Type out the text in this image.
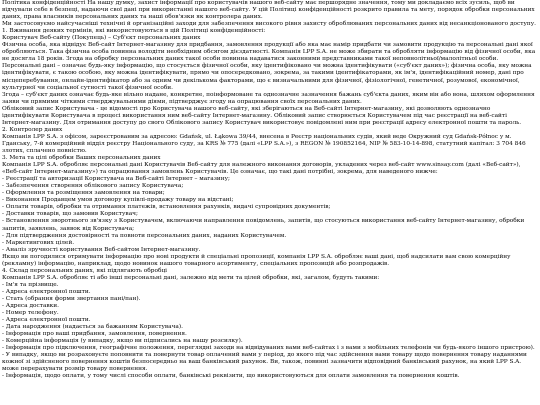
Політика конфіденційності На нашу думку, захист інформації про користувачів нашого веб-сайту має першорядне значення, тому ми докладаємо всіх зусиль, щоб ви відчували себе в безпеці, надаючи свої дані при використанні нашого веб-сайту. У цій Політиці конфіденційності розкрито правила та мету, порядок обробки персональних даних, права власників персональних даних та наші обов'язки як контролера даних.

Ми застосовуємо найсучасніші технічні й організаційні заходи для забезпечення високого рівня захисту оброблюваних персональних даних від несанкціонованого доступу.

1. Вживання деяких термінів, які використовуються в цій Політиці конфіденційності:

Користувач Веб-сайту (Покупець) – Суб'єкт персональних даних

Фізична особа, яка відвідує Веб-сайт Інтернет-магазину для придбання, замовлення продукції або яка має намір придбати чи замовити продукцію та персональні дані якої обробляються. Така фізична особа повинна володіти необхідним обсягом дієздатності. Компанія LPP S.A. не може збирати та обробляти інформацію від фізичної особи, яка не досягла 18 років. Згода на обробку персональних даних такої особи повинна надаватися законними представниками такої неповнолітньої/малолітньої особи.

Персональні дані – означає будь-яку інформацію, що стосується фізичної особи, яку ідентифіковано чи можна ідентифікувати («суб'єкт даних»); фізична особа, яку можна ідентифікувати, є такою особою, яку можна ідентифікувати, прямо чи опосередковано, зокрема, за такими ідентифікаторами, як ім'я, ідентифікаційний номер, дані про місцеперебування, онлайн-ідентифікатор або за одним чи декількома факторами, що є визначальними для фізичної, фізіологічної, генетичної, розумової, економічної, культурної чи соціальної сутності такої фізичної особи.

Згода – суб'єкт даних означає будь-яке вільно надане, конкретне, поінформоване та однозначне зазначення бажань суб'єкта даних, яким він або вона, шляхом оформлення заяви чи прямими чіткими стверджувальними діями, підтверджує згоду на опрацювання своїх персональних даних.

Обліковий запис Користувача - це відомості про Користувача нашого веб-сайту, які зберігаються на Веб-сайті Інтернет-магазину, які дозволяють однозначно ідентифікувати Користувача в процесі використання ним веб-сайту Інтернет-магазину. Обліковий запис створюється Користувачем під час реєстрації на веб-сайті Інтернет-магазину. Для отримання доступу до свого Облікового запису Користувач використовує повідомлені ним при реєстрації адресу електронної пошти та пароль.

2. Контролер даних

Компанія LPP S.A. з офісом, зареєстрованим за адресою: Gdańsk, ul. Łąkowa 39/44, внесена в Реєстр національних судів, який веде Окружний суд Gdańsk-Północ у м. Гданську, 7-й комерційний відділ реєстру Національного суду, за KRS № 775 (далі «LPP S.A.»), з REGON № 190852164, NIP № 583-10-14-898, статутний капітал: 3 704 846 злотих, сплачено повністю.

3. Мета та цілі обробки Ваших персональних даних

Компанія LPP S.A. обробляє персональні дані Користувачів Веб-сайту для належного виконання договорів, укладених через веб-сайт www.sinsay.com (далі «Веб-сайт»), «Веб-сайт Інтернет-магазину») та опрацювання замовлень Користувачів. Це означає, що такі дані потрібні, зокрема, для наведеного нижче:

- Реєстрації та авторизації Користувача на Веб-сайті Інтернет – магазину;

- Забезпечення створення облікового запису Користувача;

- Оформлення та розміщення замовлення на товари;

- Виконання Продавцем умов договору купівлі-продажу товару на відстані;

- Оплати товарів, обробки та отримання платежів, встановлення рахунків, видачі супровідних документів;

- Доставки товарів, що замовив Користувач;

- Встановлення зворотнього зв'язку з Користувачем, включаючи направлення повідомлень, запитів, що стосуються використання веб-сайту Інтернет-магазину, обробки запитів, заявлень, заявок від Користувача;

- Для підтвердження достовірності та повноти персональних даних, наданих Користувачем.

- Маркетингових цілей.

- Аналіз зручності користування Веб-сайтом Інтернет-магазину.

Якщо ви погодилися отримувати інформацію про нові продукти й спеціальні пропозиції, компанія LPP S.A. обробляє ваші дані, щоб надсилати вам свою комерційну (рекламну) інформацію, наприклад, щодо новинок нашого товарного асортименту, спеціальних пропозицій або розпродажів.

4. Склад персональних даних, які підлягають обробці

Компанія LPP S.A. обробляє ті або інші персональні дані, залежно від мети та цілей обробки, які, загалом, будуть такими:

- Ім'я та прізвище.

- Адреса електронної пошти.

- Стать (обрання форми звертання пані/пан).

- Адреса доставки.

- Номер телефону.

- Адреса електронної пошти.

- Дата народження (надається за бажанням Користувача).

- Інформація про ваші придбання, замовлення, повернення.

- Комерційна інформація (у випадку, якщо ви підписались на нашу розсилку).

- Інформація про підключення, географічне положення, переглядні заходи на відвідуваних вами веб-сайтах і з вами з мобільних телефонів чи будь-якого іншого пристрою).

- У випадку, якщо ви розраховуєте поповнити та повернути товар оплачений вами у період, до якого під час здійснення вами товару щодо повернення товару наданнями кожної зі здійсненого повернення коштів безпосередньо на ваш банківський рахунок. Ви, також, повинні зазначити відповідний банківський рахунок, на який LPP S.A. може перерахувати розмір товару повернення.

- Інформація, щодо оплати, у тому числі способи оплати, банківські реквізити, що використовуються для оплати замовлення та повернення коштів.
